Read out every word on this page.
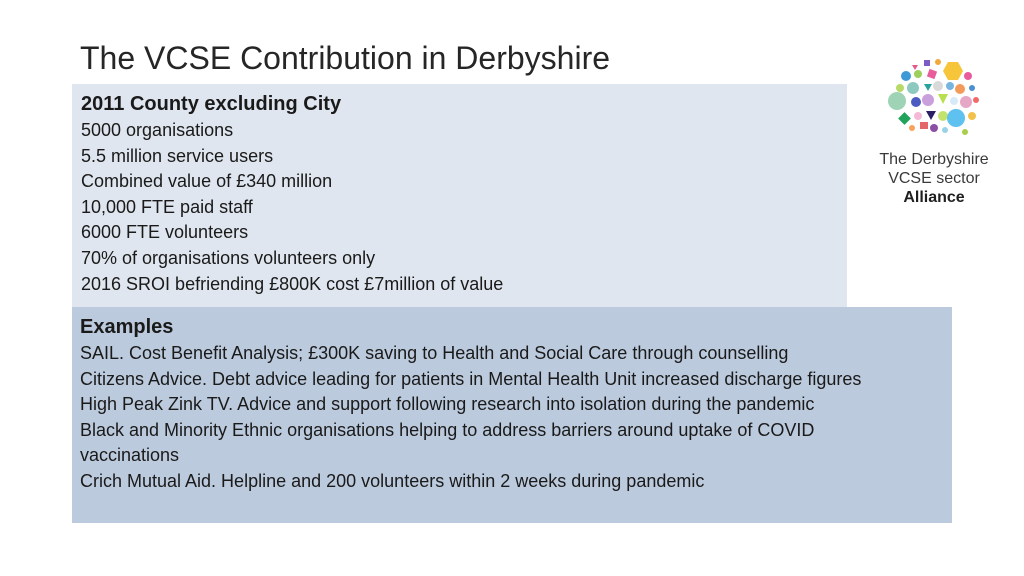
The VCSE Contribution in Derbyshire
2011 County excluding City
5000 organisations
5.5 million service users
Combined value of £340 million
10,000 FTE paid staff
6000 FTE volunteers
70% of organisations volunteers only
2016 SROI befriending £800K cost £7million of value
Examples
SAIL. Cost Benefit Analysis; £300K saving to Health and Social Care through counselling
Citizens Advice. Debt advice leading for patients in Mental Health Unit increased discharge figures
High Peak Zink TV. Advice and support following research into isolation during the pandemic
Black and Minority Ethnic organisations helping to address barriers around uptake of COVID
vaccinations
Crich Mutual Aid. Helpline and 200 volunteers within 2 weeks during pandemic
The Derbyshire
VCSE sector
Alliance
